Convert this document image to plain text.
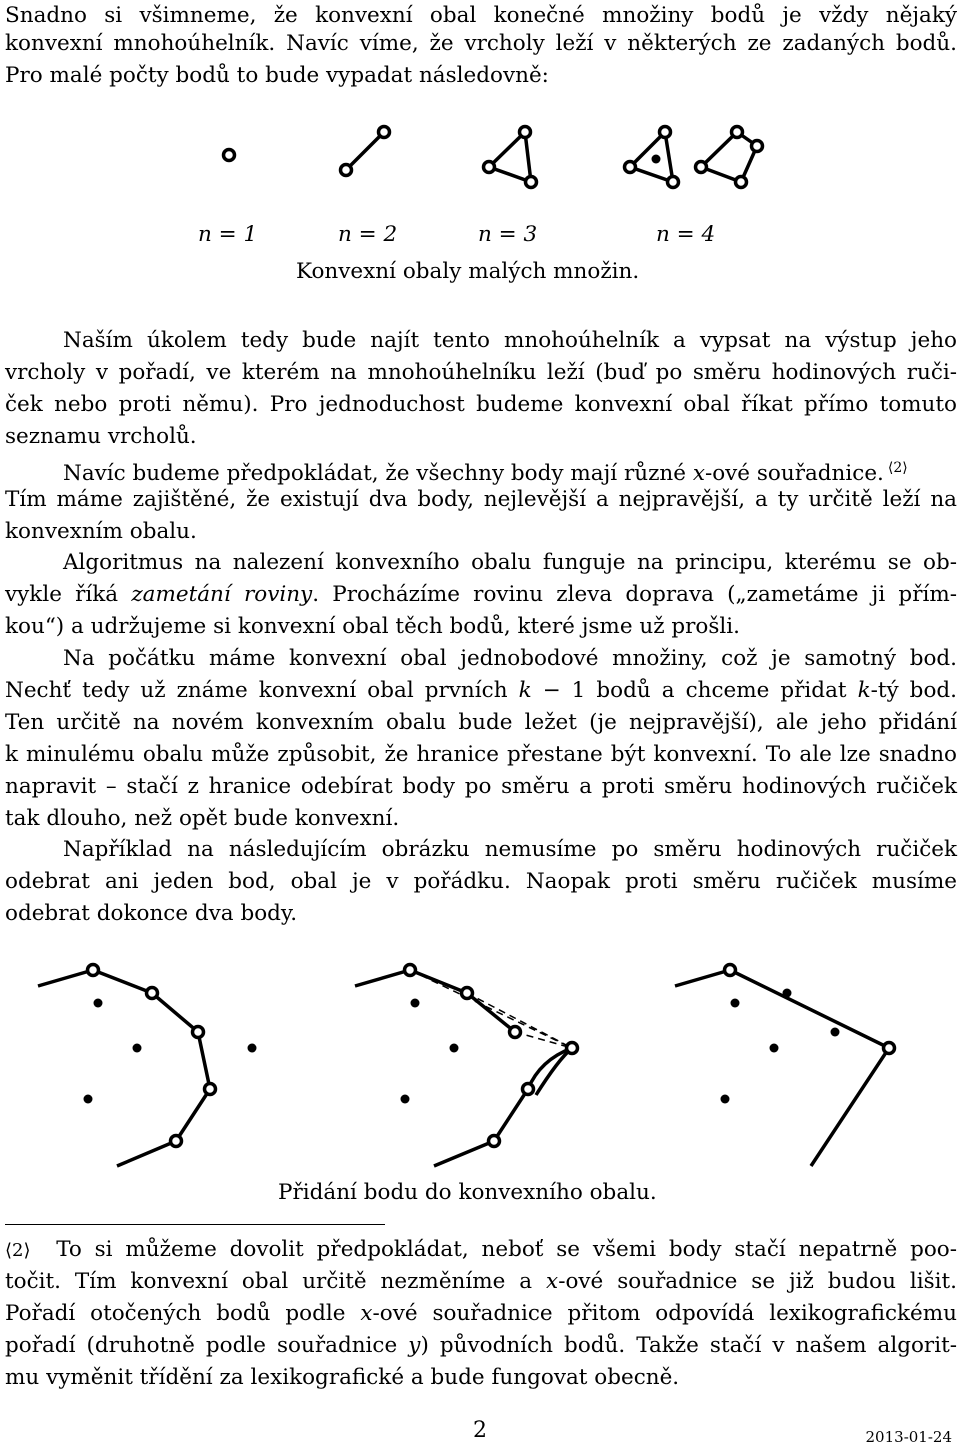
Snadno si všimneme, že konvexní obal konečné množiny bodů je vždy nějaký
konvexní mnohoúhelník. Navíc víme, že vrcholy leží v některých ze zadaných bodů.
Pro malé počty bodů to bude vypadat následovně:
n = 1	n = 2	n = 3	n = 4
Konvexní obaly malých množin.
Naším úkolem tedy bude najít tento mnohoúhelník a vypsat na výstup jeho
vrcholy v pořadí, ve kterém na mnohoúhelníku leží (buď po směru hodinových ruči-
ček nebo proti němu). Pro jednoduchost budeme konvexní obal říkat přímo tomuto
seznamu vrcholů.
Navíc budeme předpokládat, že všechny body mají různé x-ové souřadnice. $^{⟨2⟩}$
Tím máme zajištěné, že existují dva body, nejlevější a nejpravější, a ty určitě leží na
konvexním obalu.
Algoritmus na nalezení konvexního obalu funguje na principu, kterému se ob-
vykle říká zametání roviny. Procházíme rovinu zleva doprava („zametáme ji přím-
kou“) a udržujeme si konvexní obal těch bodů, které jsme už prošli.
Na počátku máme konvexní obal jednobodové množiny, což je samotný bod.
Nechť tedy už známe konvexní obal prvních k − 1 bodů a chceme přidat k-tý bod.
Ten určitě na novém konvexním obalu bude ležet (je nejpravější), ale jeho přidání
k minulému obalu může způsobit, že hranice přestane být konvexní. To ale lze snadno
napravit – stačí z hranice odebírat body po směru a proti směru hodinových ručiček
tak dlouho, než opět bude konvexní.
Například na následujícím obrázku nemusíme po směru hodinových ručiček
odebrat ani jeden bod, obal je v pořádku. Naopak proti směru ručiček musíme
odebrat dokonce dva body.
Přidání bodu do konvexního obalu.
⟨2⟩ To si můžeme dovolit předpokládat, neboť se všemi body stačí nepatrně poo-
točit. Tím konvexní obal určitě nezměníme a x-ové souřadnice se již budou lišit.
Pořadí otočených bodů podle x-ové souřadnice přitom odpovídá lexikografickému
pořadí (druhotně podle souřadnice y) původních bodů. Takže stačí v našem algorit-
mu vyměnit třídění za lexikografické a bude fungovat obecně.
2	2013-01-24
